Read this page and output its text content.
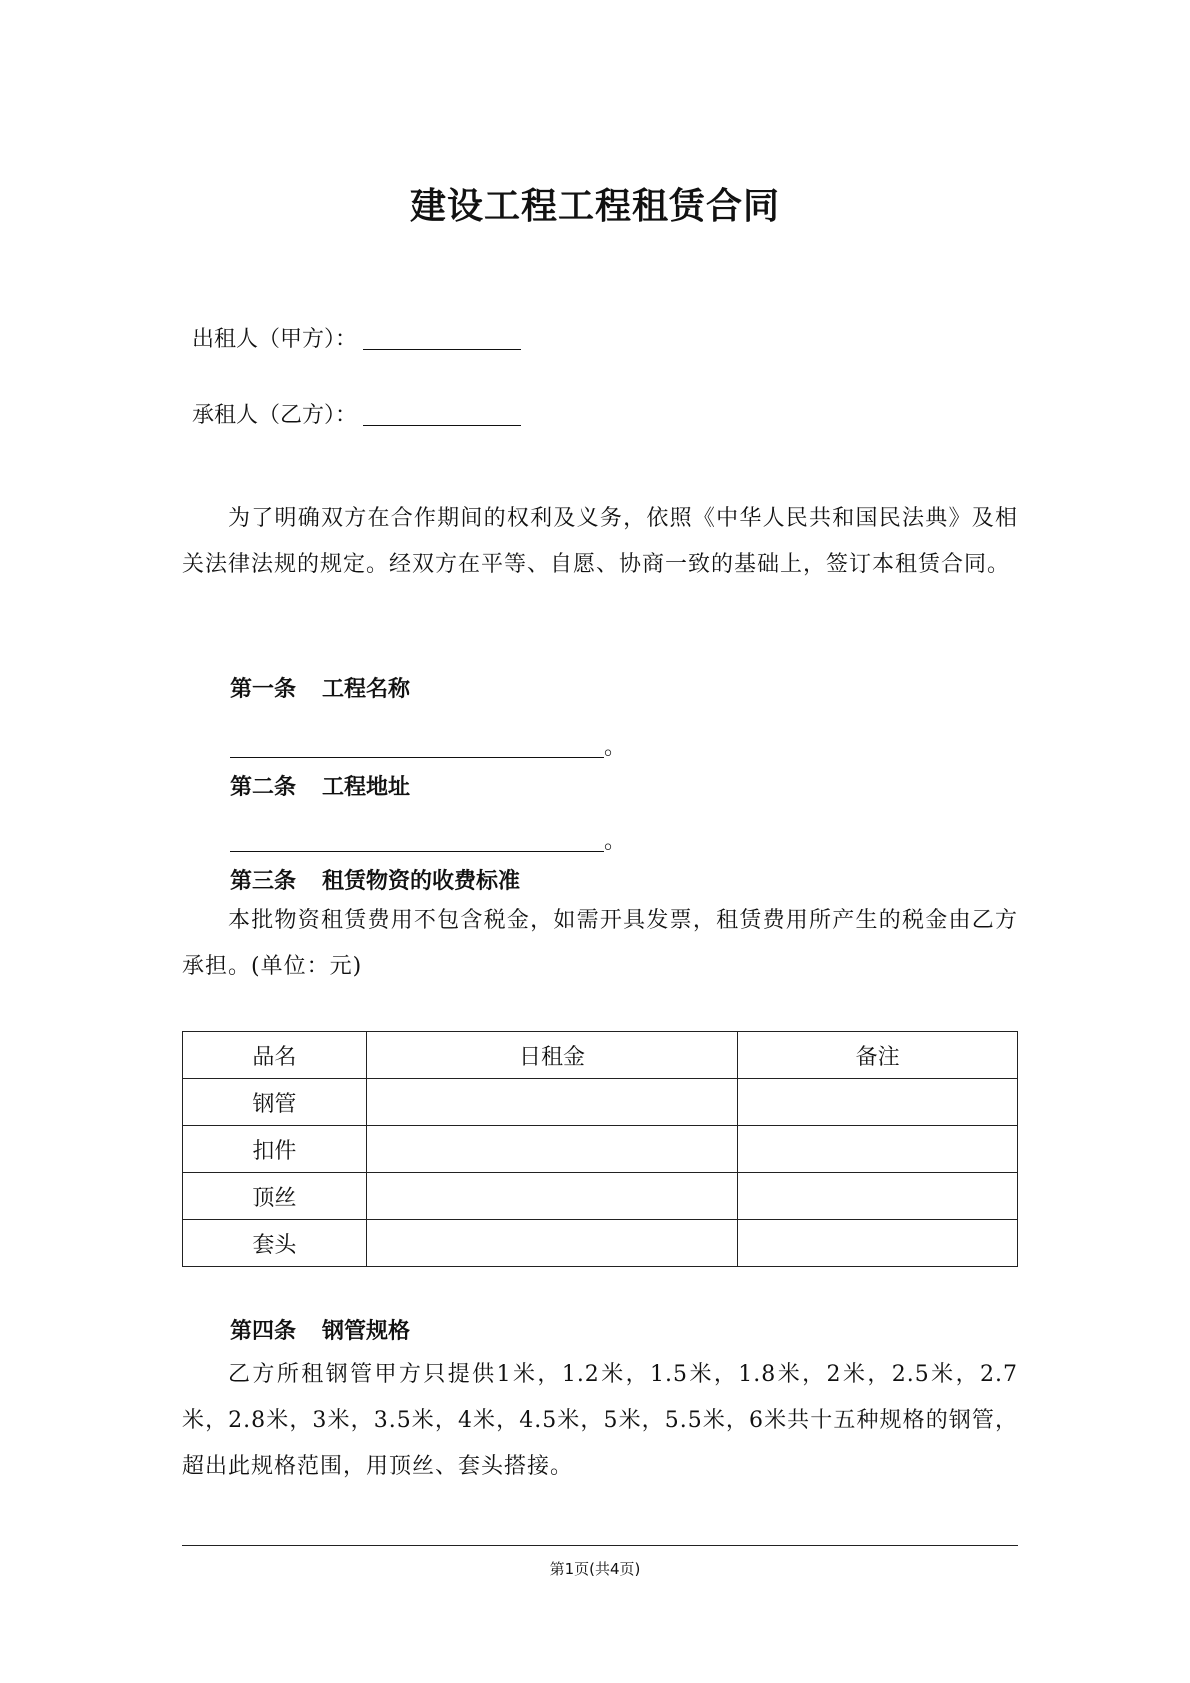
建设工程工程租赁合同
出租人（甲方）：
承租人（乙方）：
为了明确双方在合作期间的权利及义务，依照《中华人民共和国民法典》及相关法律法规的规定。经双方在平等、自愿、协商一致的基础上，签订本租赁合同。
第一条 工程名称
。
第二条 工程地址
。
第三条 租赁物资的收费标准
本批物资租赁费用不包含税金，如需开具发票，租赁费用所产生的税金由乙方承担。(单位：元)
品名	日租金	备注
钢管		
扣件		
顶丝		
套头		
第四条 钢管规格
乙方所租钢管甲方只提供1米，1.2米，1.5米，1.8米，2米，2.5米，2.7米，2.8米，3米，3.5米，4米，4.5米，5米，5.5米，6米共十五种规格的钢管，超出此规格范围，用顶丝、套头搭接。
第1页(共4页)
